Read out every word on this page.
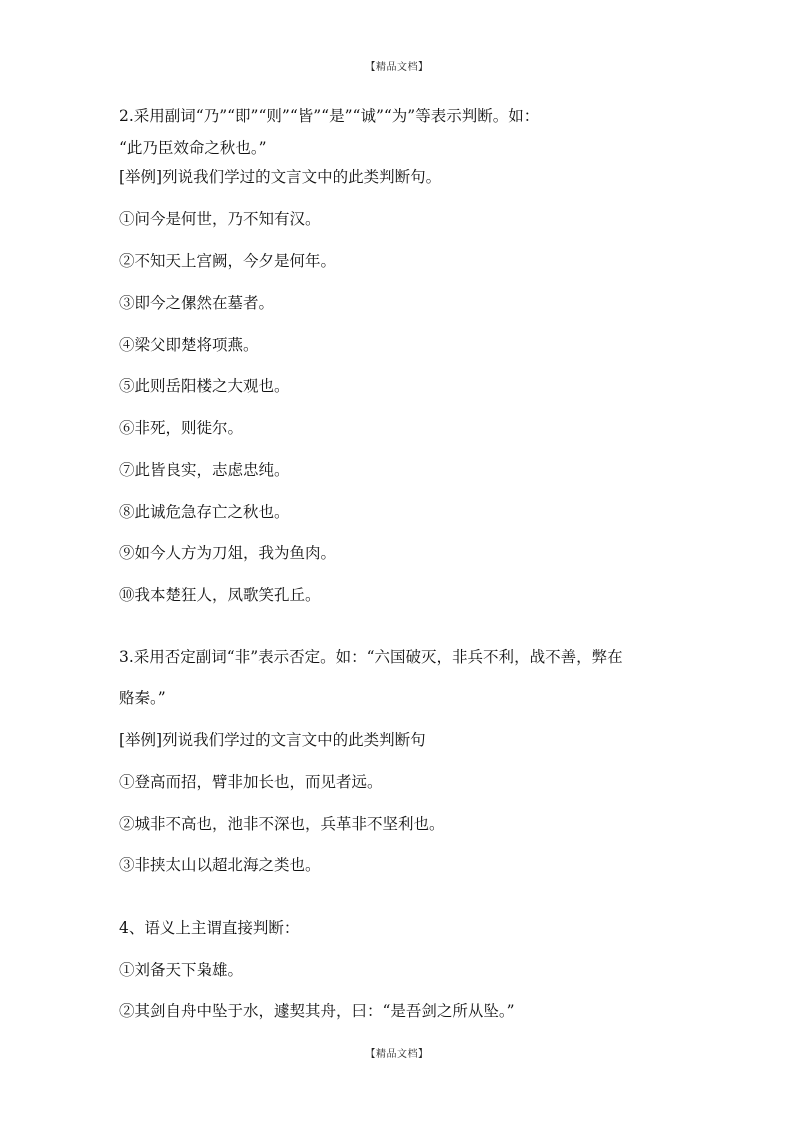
【精品文档】
2.采用副词“乃”“即”“则”“皆”“是”“诚”“为”等表示判断。如：
“此乃臣效命之秋也。”
[举例]列说我们学过的文言文中的此类判断句。
①问今是何世，乃不知有汉。
②不知天上宫阙，今夕是何年。
③即今之傫然在墓者。
④梁父即楚将项燕。
⑤此则岳阳楼之大观也。
⑥非死，则徙尔。
⑦此皆良实，志虑忠纯。
⑧此诚危急存亡之秋也。
⑨如今人方为刀俎，我为鱼肉。
⑩我本楚狂人，凤歌笑孔丘。
3.采用否定副词“非”表示否定。如：“六国破灭，非兵不利，战不善，弊在
赂秦。”
[举例]列说我们学过的文言文中的此类判断句
①登高而招，臂非加长也，而见者远。
②城非不高也，池非不深也，兵革非不坚利也。
③非挟太山以超北海之类也。
4、语义上主谓直接判断：
①刘备天下枭雄。
②其剑自舟中坠于水，遽契其舟，曰：“是吾剑之所从坠。”
【精品文档】
